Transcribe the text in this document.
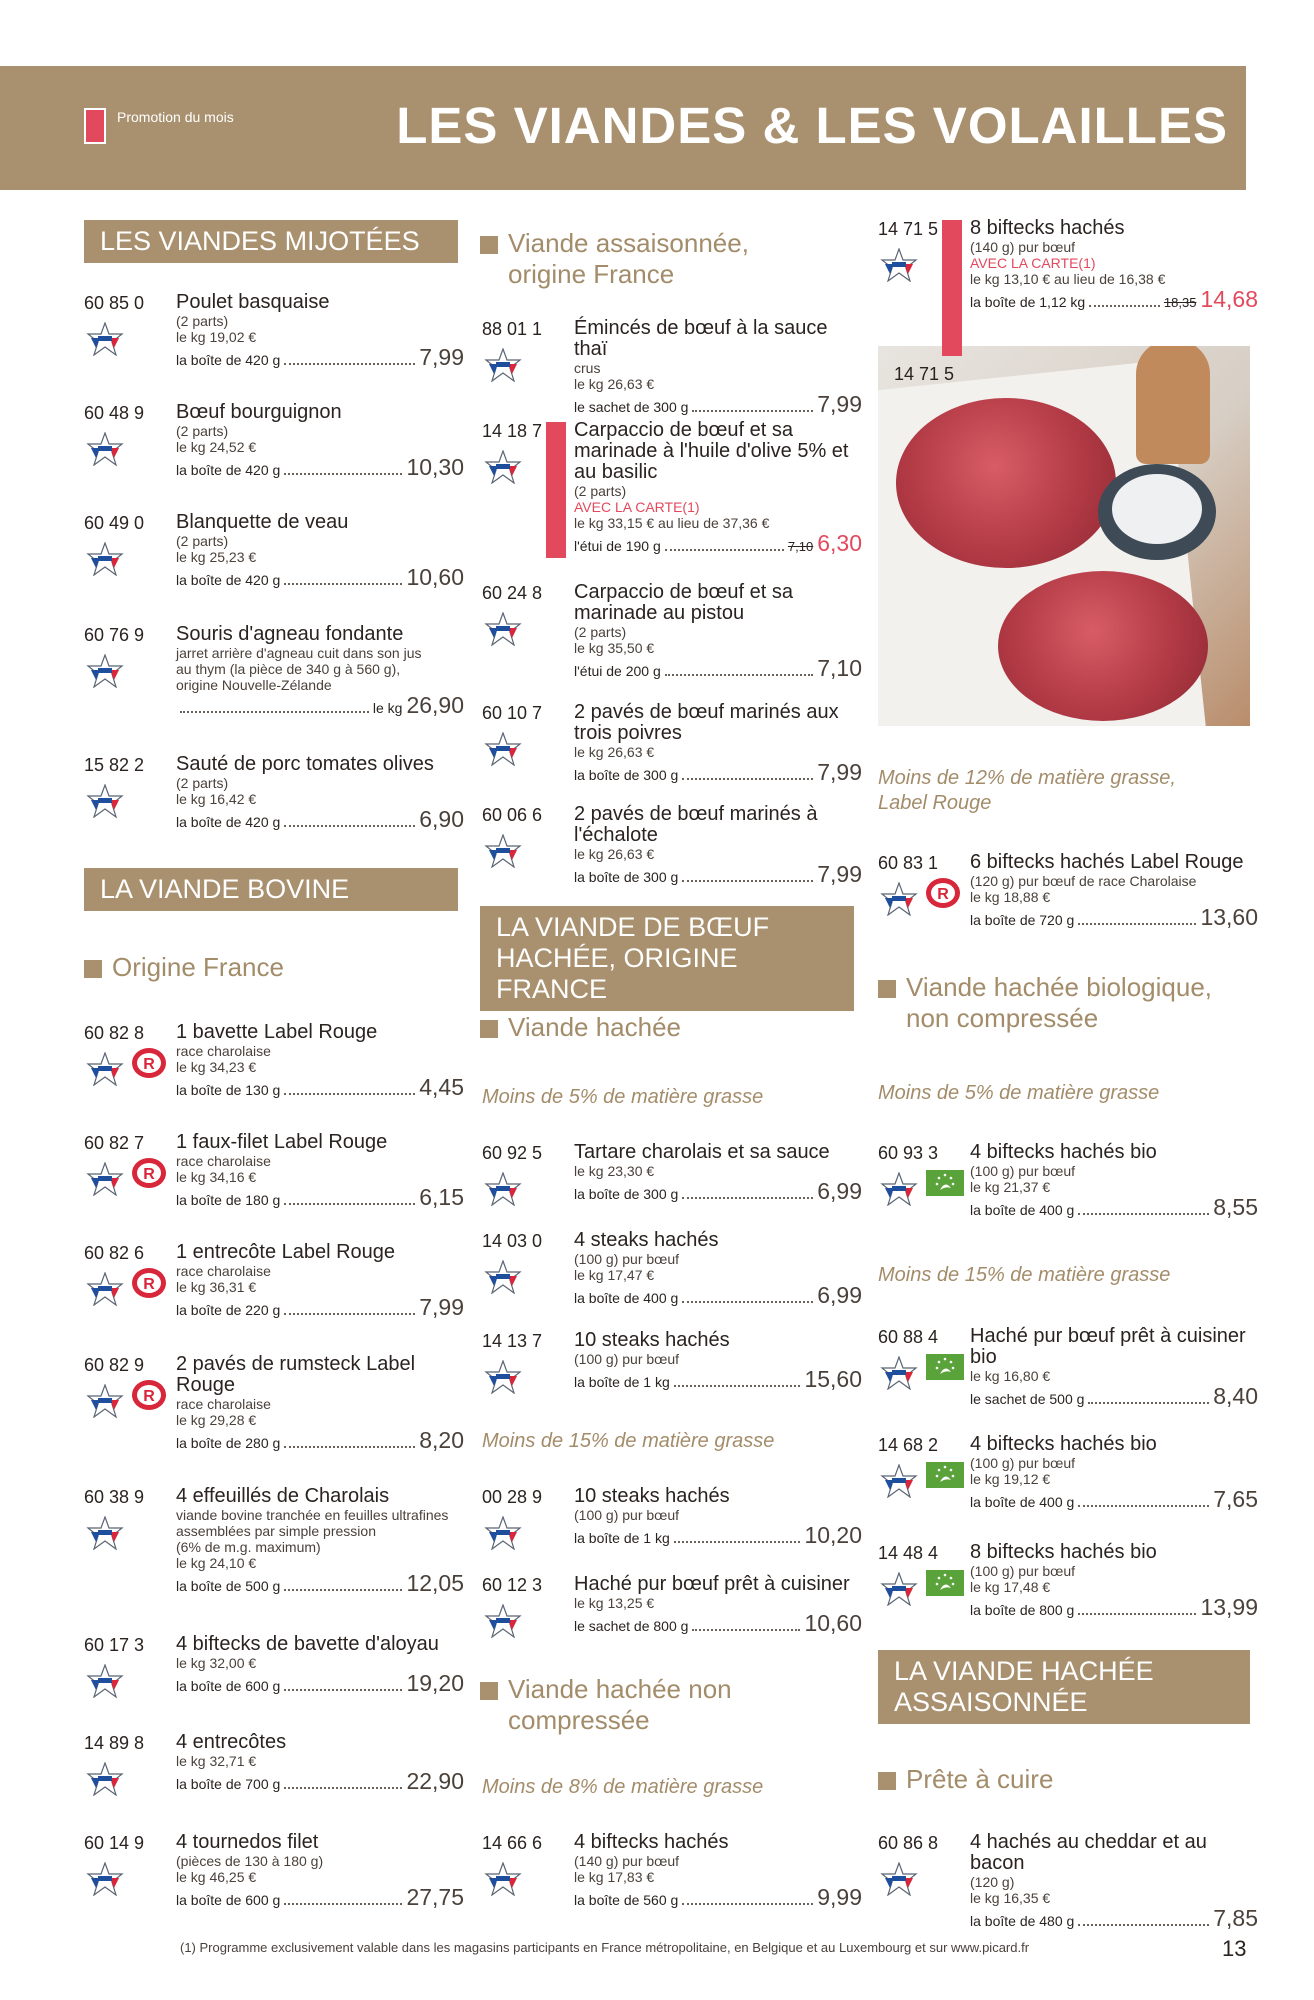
Promotion du mois	LES VIANDES & LES VOLAILLES
LES VIANDES MIJOTÉES
LA VIANDE BOVINE
LA VIANDE DE BŒUF HACHÉE, ORIGINE FRANCE
LA VIANDE HACHÉE ASSAISONNÉE
Origine France
Viande assaisonnée, origine France
Viande hachée
Viande hachée non compressée
Viande hachée biologique, non compressée
Prête à cuire
Moins de 5% de matière grasse
Moins de 15% de matière grasse
Moins de 8% de matière grasse
Moins de 12% de matière grasse, Label Rouge
Moins de 5% de matière grasse
Moins de 15% de matière grasse
14 71 5
60 85 0 Poulet basquaise
(2 parts)
le kg 19,02 €
la boîte de 420 g	7,99
60 48 9 Bœuf bourguignon
(2 parts)
le kg 24,52 €
la boîte de 420 g	10,30
60 49 0 Blanquette de veau
(2 parts)
le kg 25,23 €
la boîte de 420 g	10,60
60 76 9 Souris d'agneau fondante
jarret arrière d'agneau cuit dans son jus
au thym (la pièce de 340 g à 560 g),
origine Nouvelle-Zélande
le kg 26,90
15 82 2 Sauté de porc tomates olives
(2 parts)
le kg 16,42 €
la boîte de 420 g	6,90
60 82 8
R
1 bavette Label Rouge
race charolaise
le kg 34,23 €
la boîte de 130 g	4,45
60 82 7
R
1 faux-filet Label Rouge
race charolaise
le kg 34,16 €
la boîte de 180 g	6,15
60 82 6
R
1 entrecôte Label Rouge
race charolaise
le kg 36,31 €
la boîte de 220 g	7,99
60 82 9
R
2 pavés de rumsteck Label Rouge
race charolaise
le kg 29,28 €
la boîte de 280 g	8,20
60 38 9 4 effeuillés de Charolais
viande bovine tranchée en feuilles ultrafines
assemblées par simple pression
(6% de m.g. maximum)
le kg 24,10 €
la boîte de 500 g	12,05
60 17 3 4 biftecks de bavette d'aloyau
le kg 32,00 €
la boîte de 600 g	19,20
14 89 8 4 entrecôtes
le kg 32,71 €
la boîte de 700 g	22,90
60 14 9 4 tournedos filet
(pièces de 130 à 180 g)
le kg 46,25 €
la boîte de 600 g	27,75
88 01 1 Émincés de bœuf à la sauce thaï
crus
le kg 26,63 €
le sachet de 300 g	7,99
14 18 7 Carpaccio de bœuf et sa marinade à l'huile d'olive 5% et au basilic
(2 parts)
AVEC LA CARTE(1)
le kg 33,15 € au lieu de 37,36 €
l'étui de 190 g	7,10 6,30
60 24 8 Carpaccio de bœuf et sa marinade au pistou
(2 parts)
le kg 35,50 €
l'étui de 200 g	7,10
60 10 7 2 pavés de bœuf marinés aux trois poivres
le kg 26,63 €
la boîte de 300 g	7,99
60 06 6 2 pavés de bœuf marinés à l'échalote
le kg 26,63 €
la boîte de 300 g	7,99
60 92 5 Tartare charolais et sa sauce
le kg 23,30 €
la boîte de 300 g	6,99
14 03 0 4 steaks hachés
(100 g) pur bœuf
le kg 17,47 €
la boîte de 400 g	6,99
14 13 7 10 steaks hachés
(100 g) pur bœuf
la boîte de 1 kg	15,60
00 28 9 10 steaks hachés
(100 g) pur bœuf
la boîte de 1 kg	10,20
60 12 3 Haché pur bœuf prêt à cuisiner
le kg 13,25 €
le sachet de 800 g	10,60
14 66 6 4 biftecks hachés
(140 g) pur bœuf
le kg 17,83 €
la boîte de 560 g	9,99
14 71 5 8 biftecks hachés
(140 g) pur bœuf
AVEC LA CARTE(1)
le kg 13,10 € au lieu de 16,38 €
la boîte de 1,12 kg	18,35 14,68
60 83 1
R
6 biftecks hachés Label Rouge
(120 g) pur bœuf de race Charolaise
le kg 18,88 €
la boîte de 720 g	13,60
60 93 3 4 biftecks hachés bio
(100 g) pur bœuf
le kg 21,37 €
la boîte de 400 g	8,55
60 88 4 Haché pur bœuf prêt à cuisiner bio
le kg 16,80 €
le sachet de 500 g	8,40
14 68 2 4 biftecks hachés bio
(100 g) pur bœuf
le kg 19,12 €
la boîte de 400 g	7,65
14 48 4 8 biftecks hachés bio
(100 g) pur bœuf
le kg 17,48 €
la boîte de 800 g	13,99
60 86 8 4 hachés au cheddar et au bacon
(120 g)
le kg 16,35 €
la boîte de 480 g	7,85
(1) Programme exclusivement valable dans les magasins participants en France métropolitaine, en Belgique et au Luxembourg et sur www.picard.fr	13
